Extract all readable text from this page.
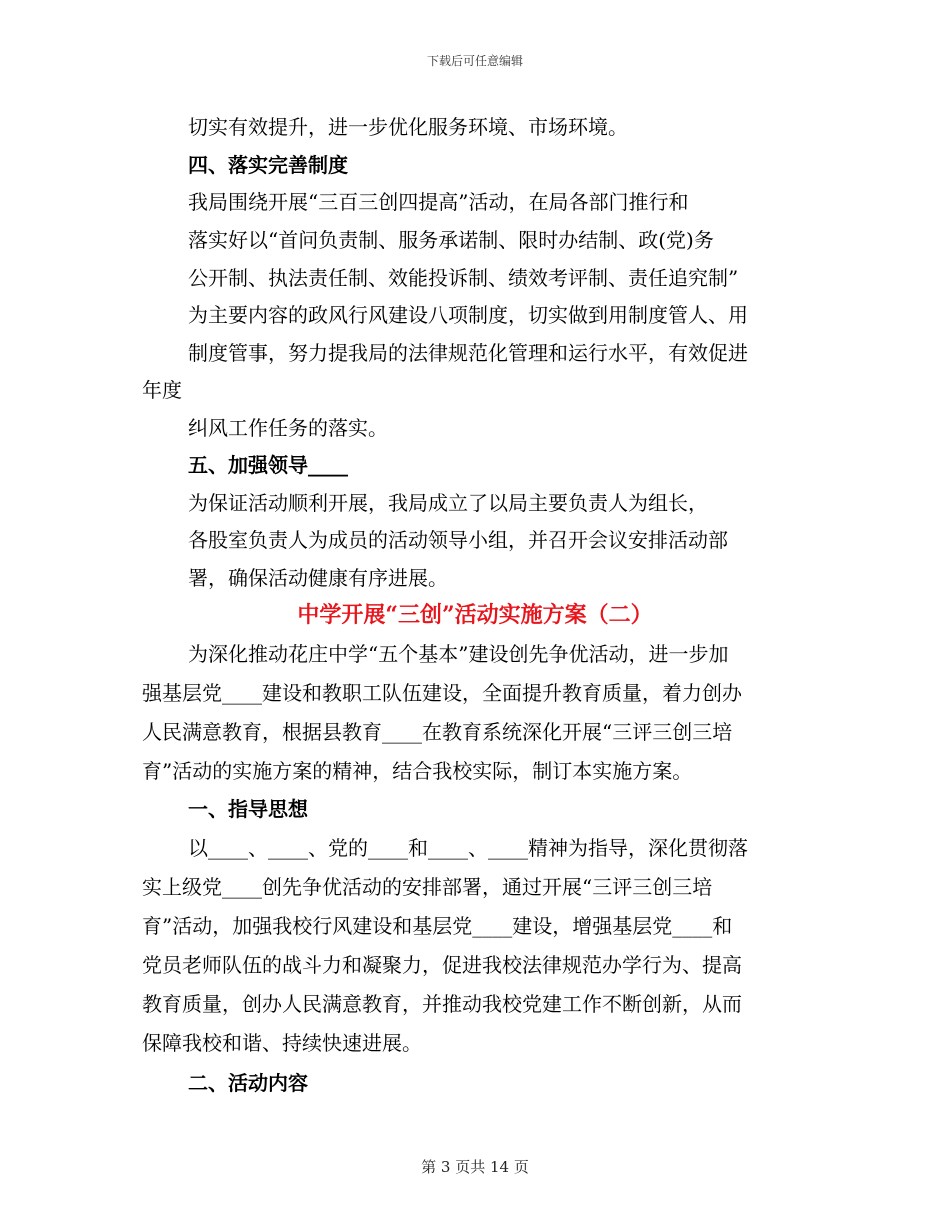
下载后可任意编辑
切实有效提升，进一步优化服务环境、市场环境。
四、落实完善制度
我局围绕开展“三百三创四提高”活动，在局各部门推行和
落实好以“首问负责制、服务承诺制、限时办结制、政(党)务
公开制、执法责任制、效能投诉制、绩效考评制、责任追究制”
为主要内容的政风行风建设八项制度，切实做到用制度管人、用
制度管事，努力提我局的法律规范化管理和运行水平，有效促进
年度
纠风工作任务的落实。
五、加强领导____
为保证活动顺利开展，我局成立了以局主要负责人为组长，
各股室负责人为成员的活动领导小组，并召开会议安排活动部
署，确保活动健康有序进展。
中学开展“三创”活动实施方案（二）
为深化推动花庄中学“五个基本”建设创先争优活动，进一步加
强基层党____建设和教职工队伍建设，全面提升教育质量，着力创办
人民满意教育，根据县教育____在教育系统深化开展“三评三创三培
育”活动的实施方案的精神，结合我校实际，制订本实施方案。
一、指导思想
以____、____、党的____和____、____精神为指导，深化贯彻落
实上级党____创先争优活动的安排部署，通过开展“三评三创三培
育”活动，加强我校行风建设和基层党____建设，增强基层党____和
党员老师队伍的战斗力和凝聚力，促进我校法律规范办学行为、提高
教育质量，创办人民满意教育，并推动我校党建工作不断创新，从而
保障我校和谐、持续快速进展。
二、活动内容
第 3 页共 14 页
